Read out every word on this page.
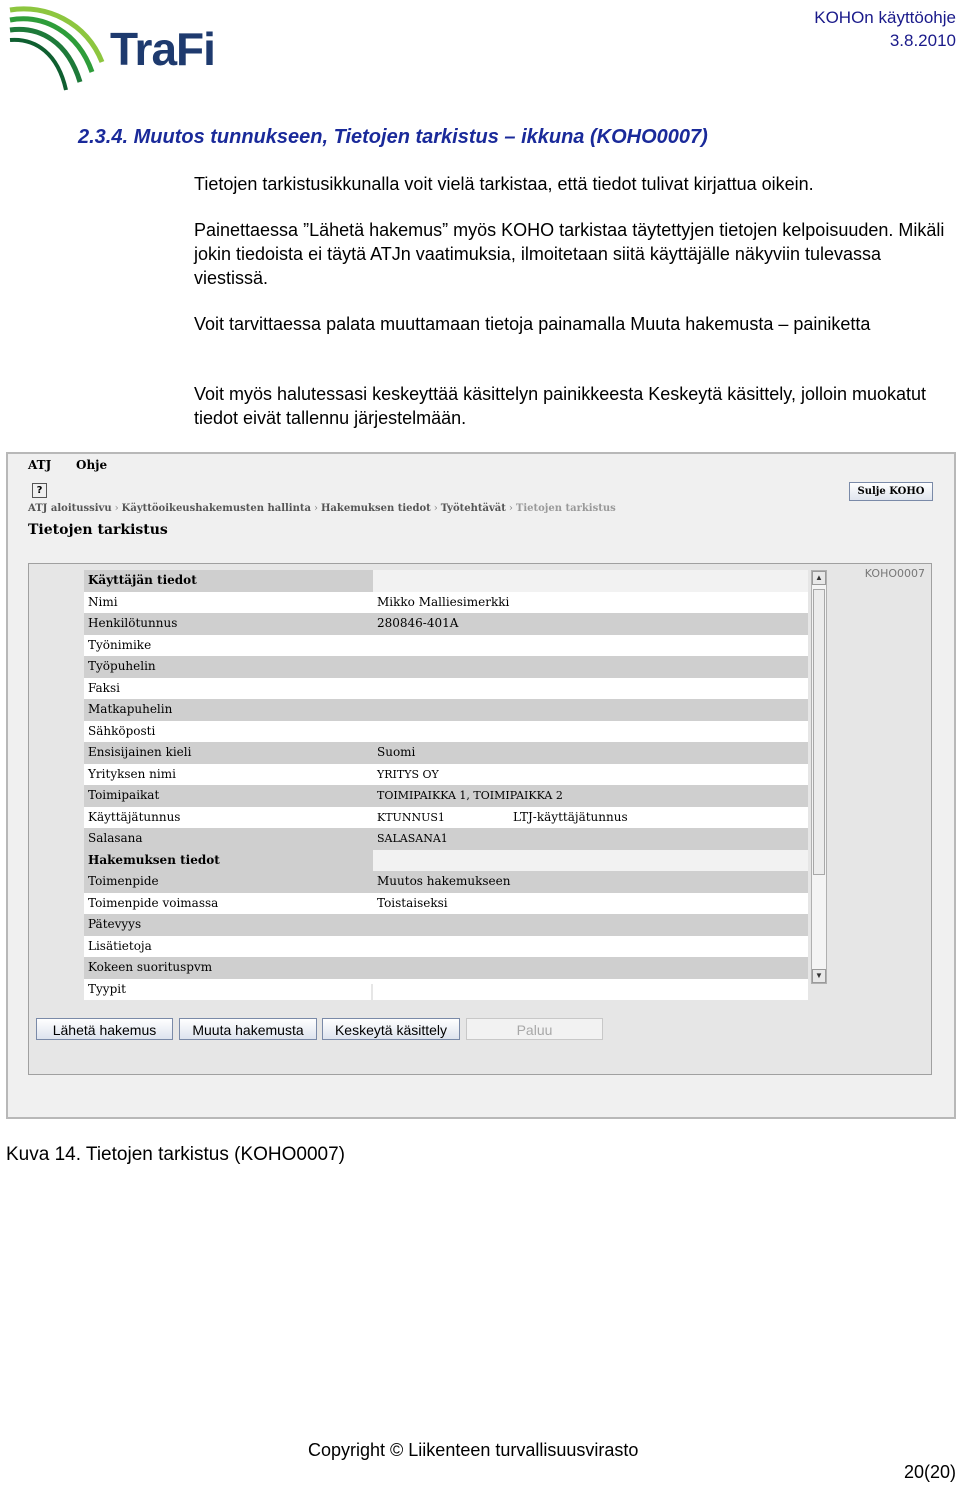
TraFi
KOHOn käyttöohje
3.8.2010
2.3.4. Muutos tunnukseen, Tietojen tarkistus – ikkuna (KOHO0007)
Tietojen tarkistusikkunalla voit vielä tarkistaa, että tiedot tulivat kirjattua oikein.
Painettaessa ”Lähetä hakemus” myös KOHO tarkistaa täytettyjen tietojen kelpoisuuden. Mikäli jokin tiedoista ei täytä ATJn vaatimuksia, ilmoitetaan siitä käyttäjälle näkyviin tulevassa viestissä.
Voit tarvittaessa palata muuttamaan tietoja painamalla Muuta hakemusta – painiketta
Voit myös halutessasi keskeyttää käsittelyn painikkeesta Keskeytä käsittely, jolloin muokatut tiedot eivät tallennu järjestelmään.
ATJ Ohje
?	Sulje KOHO
ATJ aloitussivu › Käyttöoikeushakemusten hallinta › Hakemuksen tiedot › Työtehtävät › Tietojen tarkistus
Tietojen tarkistus
KOHO0007
Käyttäjän tiedot
Nimi	Mikko Malliesimerkki
Henkilötunnus	280846-401A
Työnimike
Työpuhelin
Faksi
Matkapuhelin
Sähköposti
Ensisijainen kieli	Suomi
Yrityksen nimi	YRITYS OY
Toimipaikat	TOIMIPAIKKA 1, TOIMIPAIKKA 2
Käyttäjätunnus	KTUNNUS1	LTJ-käyttäjätunnus
Salasana	SALASANA1
Hakemuksen tiedot
Toimenpide	Muutos hakemukseen
Toimenpide voimassa	Toistaiseksi
Pätevyys
Lisätietoja
Kokeen suorituspvm
Tyypit
▲
▼
Lähetä hakemus	Muuta hakemusta	Keskeytä käsittely	Paluu
Kuva 14. Tietojen tarkistus (KOHO0007)
Copyright © Liikenteen turvallisuusvirasto
20(20)
